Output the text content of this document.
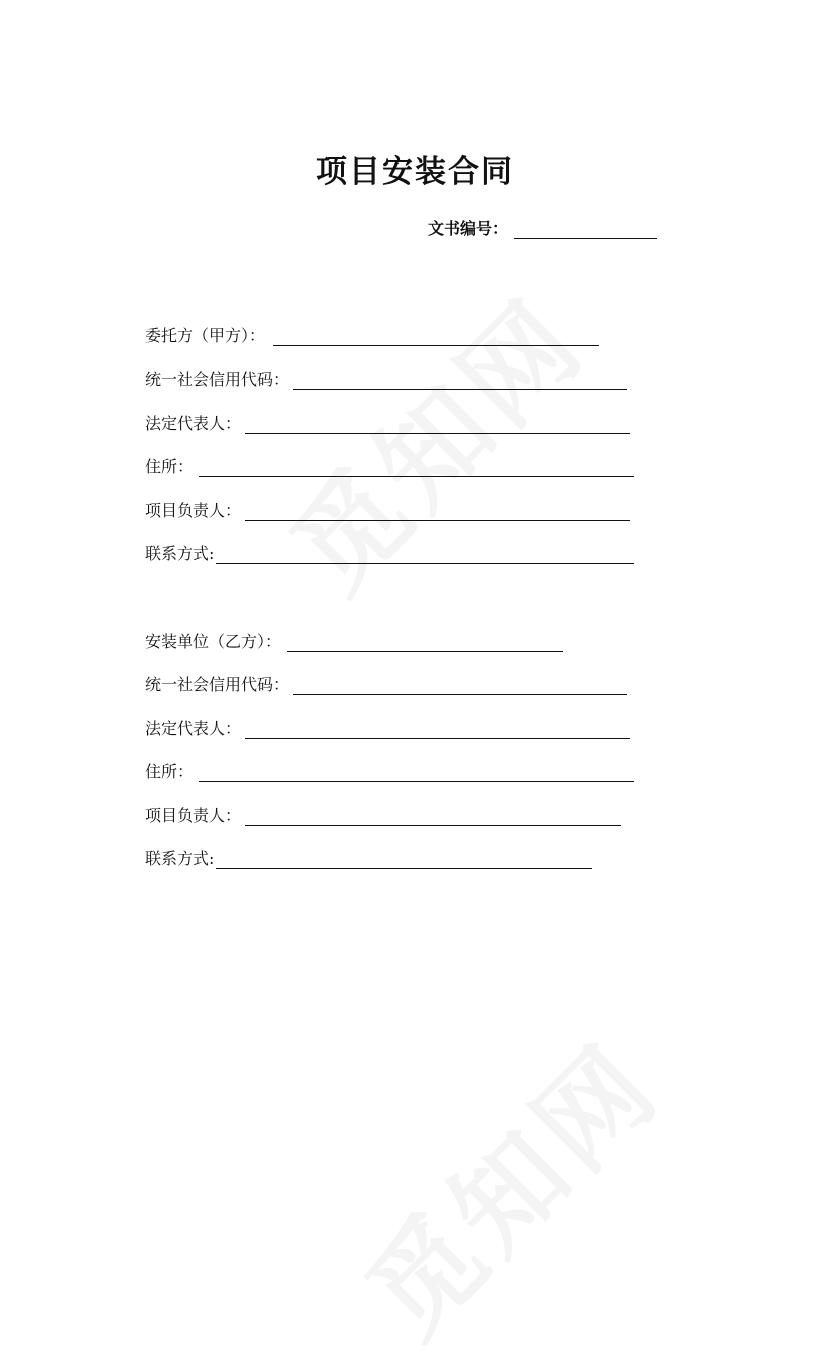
项目安装合同
文书编号：
委托方（甲方）：
统一社会信用代码：
法定代表人：
住所：
项目负责人：
联系方式:
安装单位（乙方）：
统一社会信用代码：
法定代表人：
住所：
项目负责人：
联系方式:
